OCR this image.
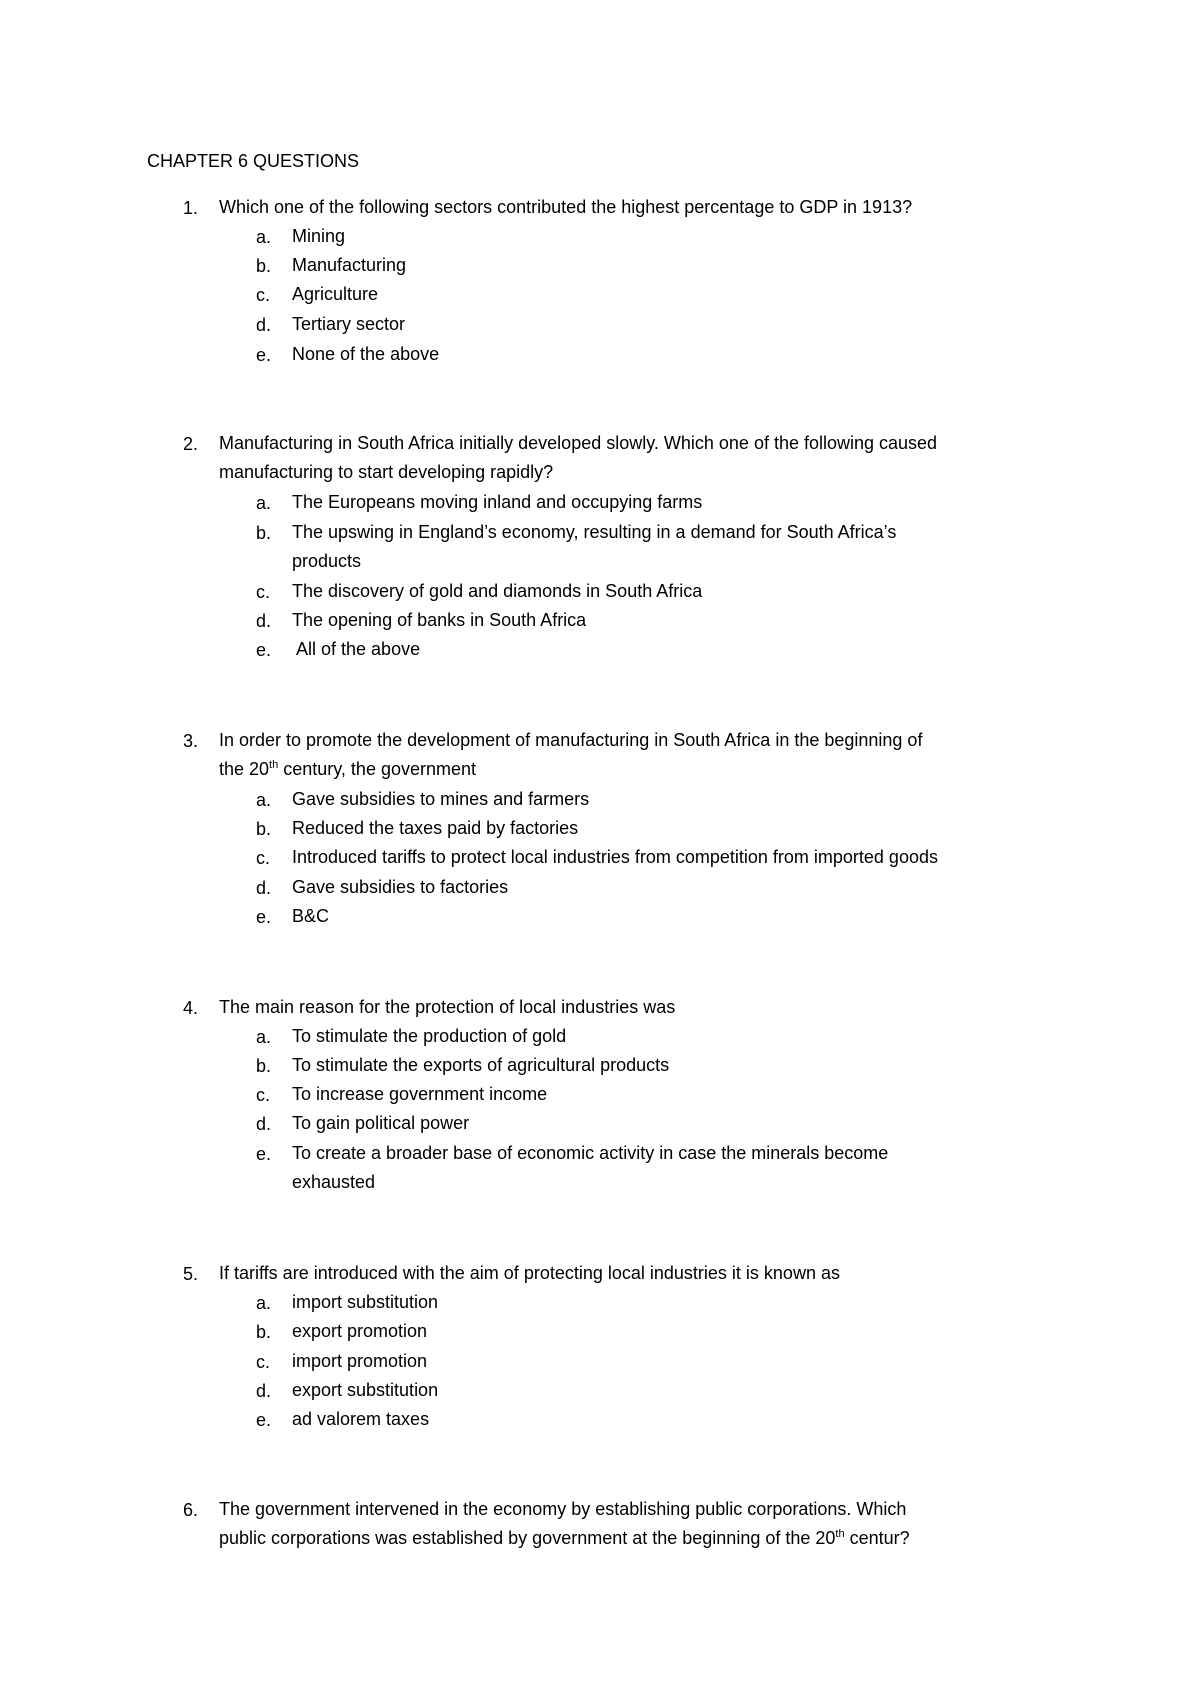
CHAPTER 6 QUESTIONS
1. Which one of the following sectors contributed the highest percentage to GDP in 1913?
a. Mining
b. Manufacturing
c. Agriculture
d. Tertiary sector
e. None of the above
2. Manufacturing in South Africa initially developed slowly. Which one of the following caused
manufacturing to start developing rapidly?
a. The Europeans moving inland and occupying farms
b. The upswing in England’s economy, resulting in a demand for South Africa’s
products
c. The discovery of gold and diamonds in South Africa
d. The opening of banks in South Africa
e. All of the above
3. In order to promote the development of manufacturing in South Africa in the beginning of
the 20th century, the government
a. Gave subsidies to mines and farmers
b. Reduced the taxes paid by factories
c. Introduced tariffs to protect local industries from competition from imported goods
d. Gave subsidies to factories
e. B&C
4. The main reason for the protection of local industries was
a. To stimulate the production of gold
b. To stimulate the exports of agricultural products
c. To increase government income
d. To gain political power
e. To create a broader base of economic activity in case the minerals become
exhausted
5. If tariffs are introduced with the aim of protecting local industries it is known as
a. import substitution
b. export promotion
c. import promotion
d. export substitution
e. ad valorem taxes
6. The government intervened in the economy by establishing public corporations. Which
public corporations was established by government at the beginning of the 20th centur?
